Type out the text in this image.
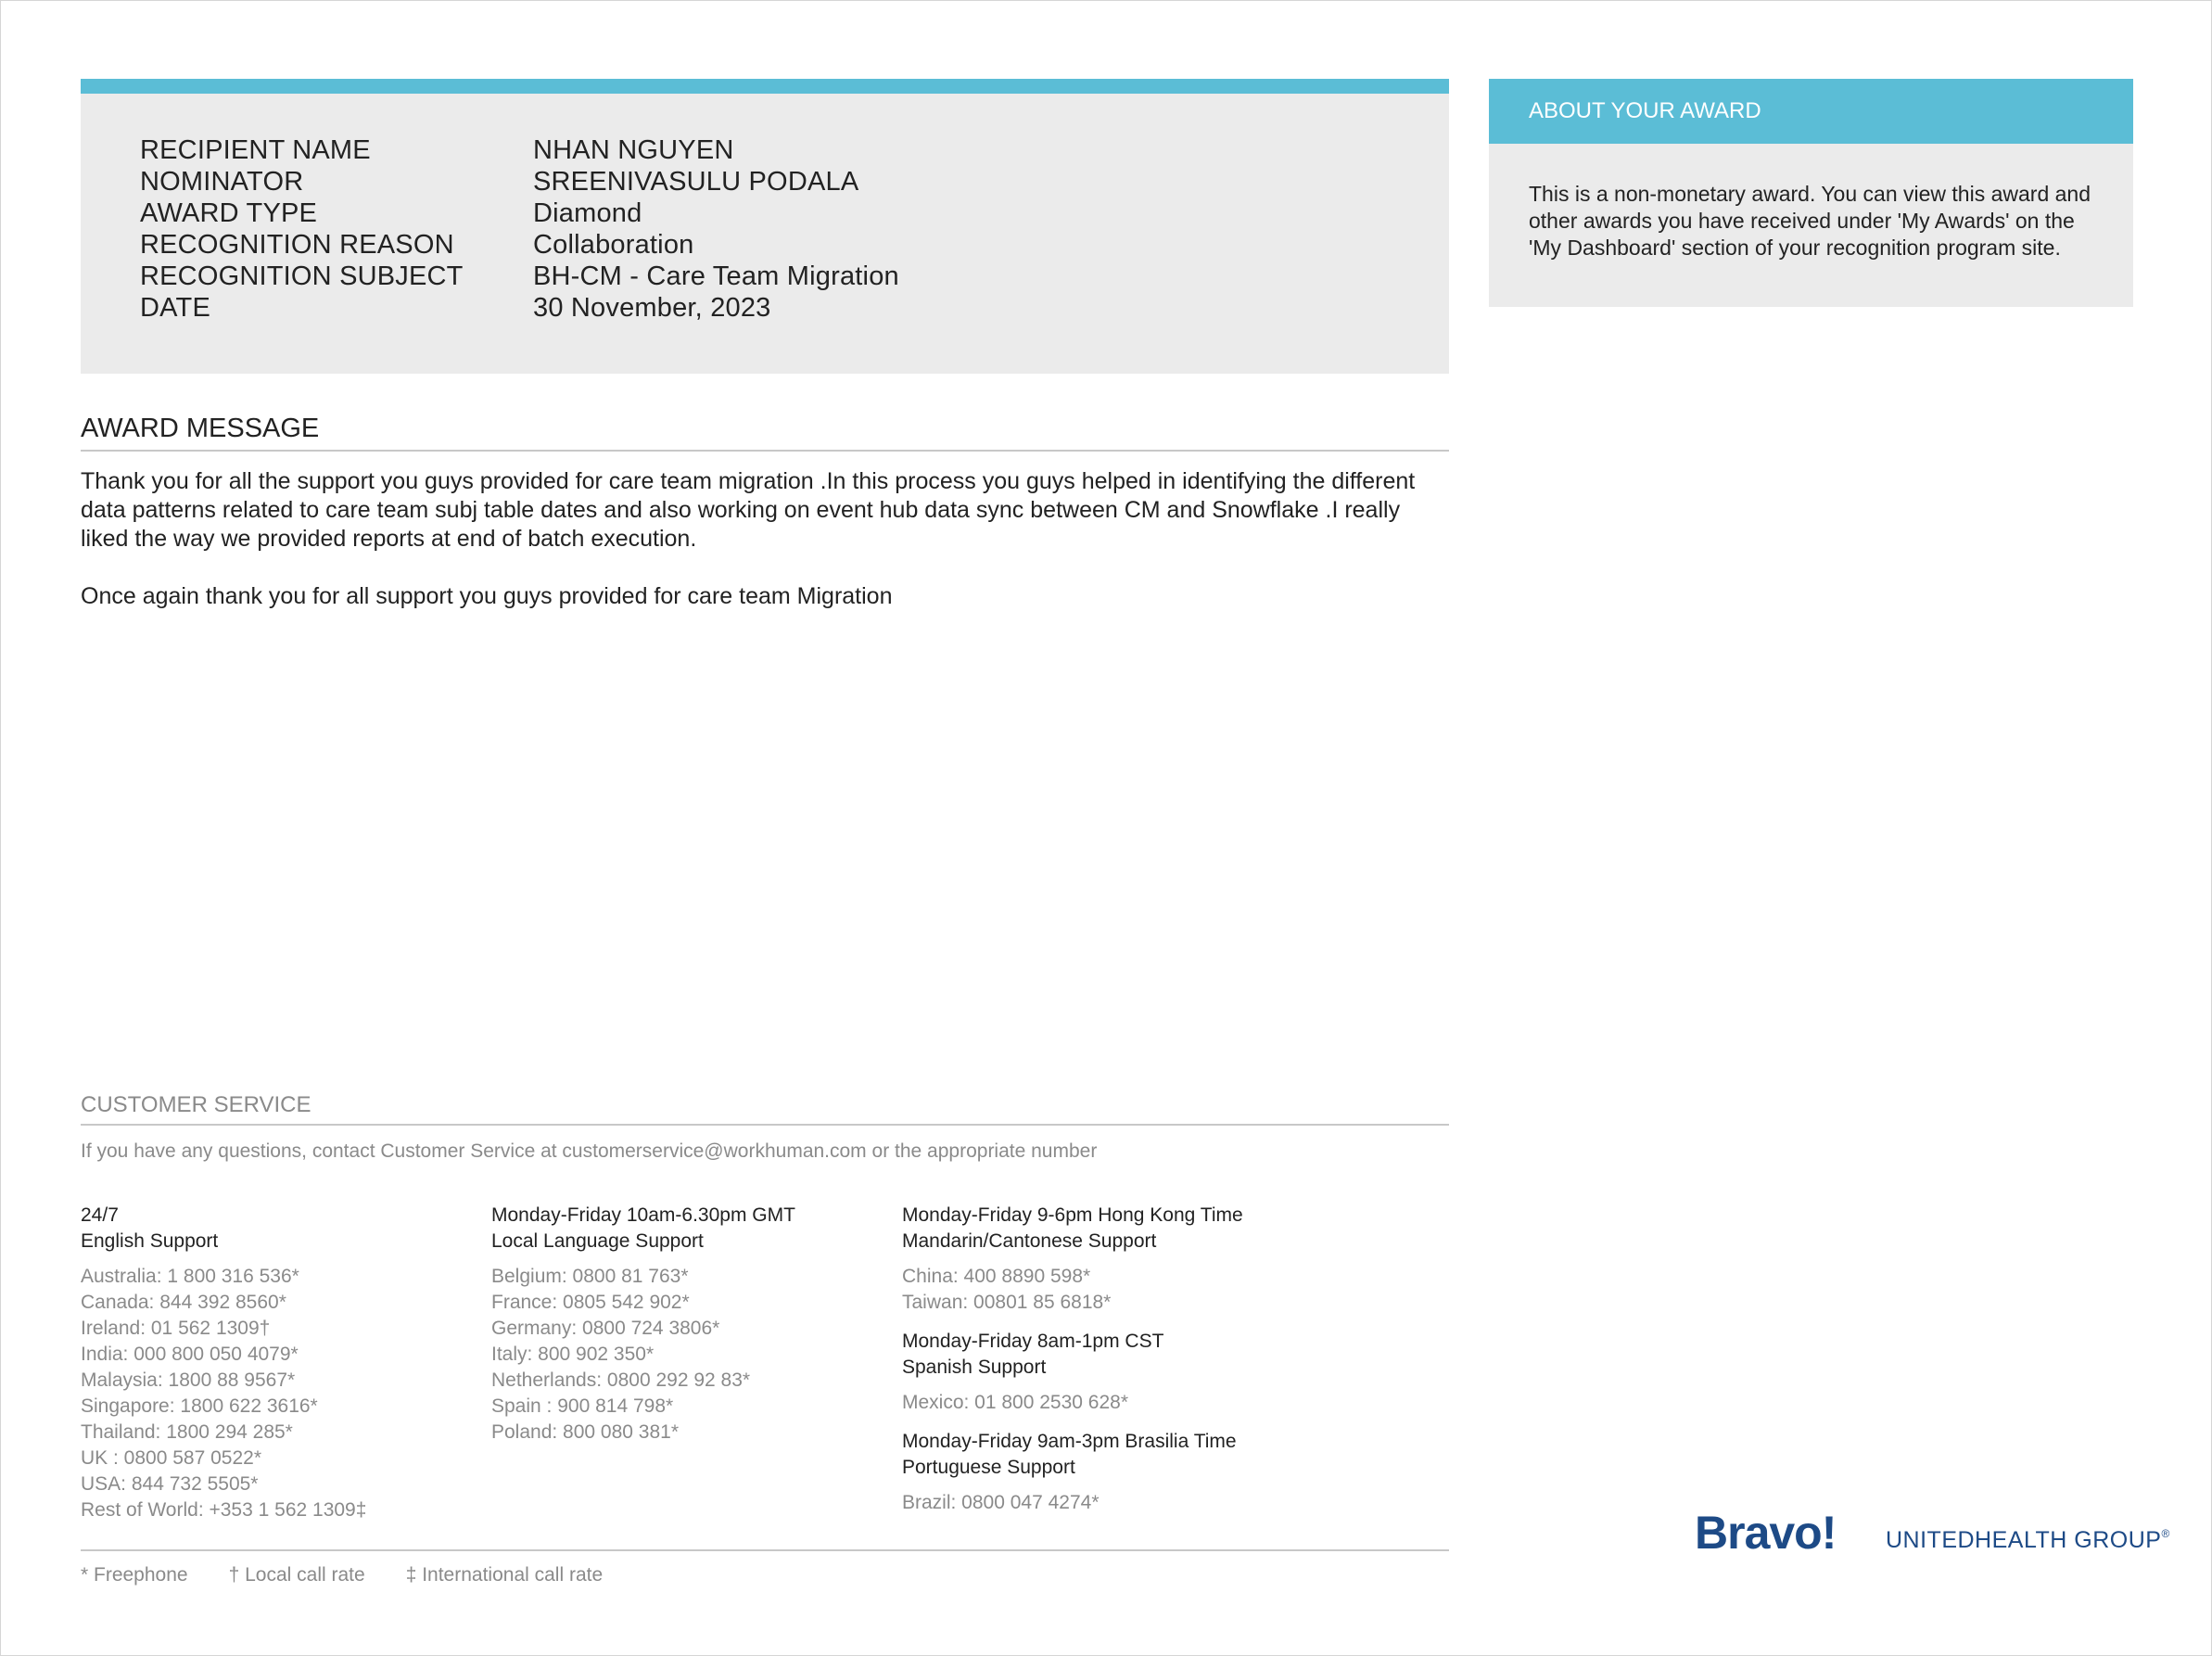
RECIPIENT NAME	NHAN NGUYEN
NOMINATOR	SREENIVASULU PODALA
AWARD TYPE	Diamond
RECOGNITION REASON	Collaboration
RECOGNITION SUBJECT	BH-CM - Care Team Migration
DATE	30 November, 2023
ABOUT YOUR AWARD
This is a non-monetary award. You can view this award and other awards you have received under 'My Awards' on the 'My Dashboard' section of your recognition program site.
AWARD MESSAGE

Thank you for all the support you guys provided for care team migration .In this process you guys helped in identifying the different data patterns related to care team subj table dates and also working on event hub data sync between CM and Snowflake .I really liked the way we provided reports at end of batch execution.

Once again thank you for all support you guys provided for care team Migration

CUSTOMER SERVICE
If you have any questions, contact Customer Service at customerservice@workhuman.com or the appropriate number
24/7
English Support
Australia: 1 800 316 536*
Canada: 844 392 8560*
Ireland: 01 562 1309†
India: 000 800 050 4079*
Malaysia: 1800 88 9567*
Singapore: 1800 622 3616*
Thailand: 1800 294 285*
UK : 0800 587 0522*
USA: 844 732 5505*
Rest of World: +353 1 562 1309‡
Monday-Friday 10am-6.30pm GMT
Local Language Support
Belgium: 0800 81 763*
France: 0805 542 902*
Germany: 0800 724 3806*
Italy: 800 902 350*
Netherlands: 0800 292 92 83*
Spain : 900 814 798*
Poland: 800 080 381*
Monday-Friday 9-6pm Hong Kong Time
Mandarin/Cantonese Support
China: 400 8890 598*
Taiwan: 00801 85 6818*
Monday-Friday 8am-1pm CST
Spanish Support
Mexico: 01 800 2530 628*
Monday-Friday 9am-3pm Brasilia Time
Portuguese Support
Brazil: 0800 047 4274*
* Freephone † Local call rate ‡ International call rate
Bravo! UNITEDHEALTH GROUP®
